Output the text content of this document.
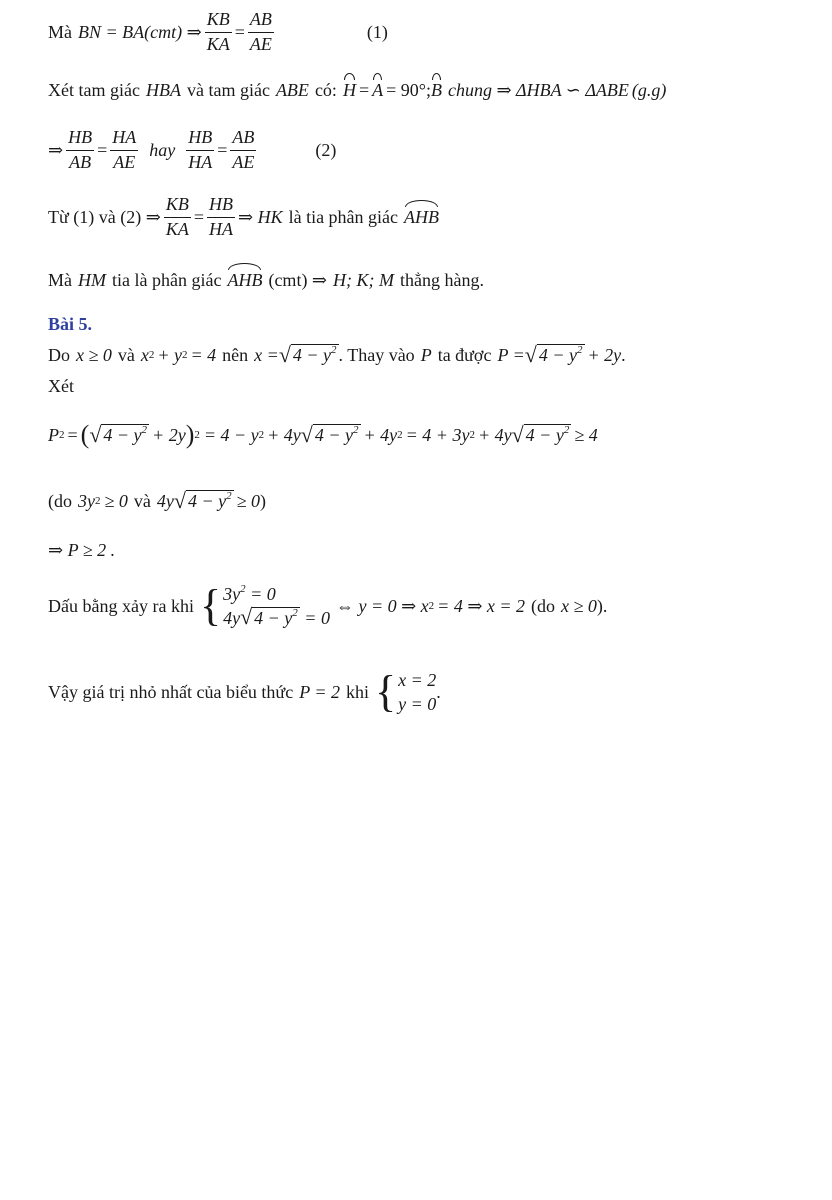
Mà BN = BA(cmt) ⇒ $\frac{KB}{KA} = \frac{AB}{AE}$	(1)
Xét tam giác HBA và tam giác ABE có: H = A = 90°; B chung ⇒ ΔHBA ∽ ΔABE (g.g)
⇒ $\frac{HB}{AB} = \frac{HA}{AE}$ hay $\frac{HB}{HA} = \frac{AB}{AE}$	(2)
Từ (1) và (2) ⇒ $\frac{KB}{KA} = \frac{HB}{HA}$ ⇒ HK là tia phân giác AHB
Mà HM tia là phân giác AHB (cmt) ⇒ H; K; M thẳng hàng.
Bài 5.
Do x ≥ 0 và x 2 + y 2 = 4 nên x = √ $4 - y^2$ . Thay vào P ta được P = √ $4 - y^2 + 2y$ .
Xét
P 2 = ( √ $4 - y^2 + 2y$ ) 2 = 4 − y 2 + 4y √ $4 - y^2 + 4y$ 2 = 4 + 3y 2 + 4y √ $4 - y^2 \ge 4$
(do 3y 2 ≥ 0 và 4y √ $4 - y^2 \ge 0$ )
⇒ P ≥ 2 .
Dấu bằng xảy ra khi { $3y^2 = 0$
4y √ $4 - y^2 = 0$
⇔ y = 0 ⇒ x 2 = 4 ⇒ x = 2 (do x ≥ 0 ).
Vậy giá trị nhỏ nhất của biểu thức P = 2 khi { x = 2
y = 0
.
